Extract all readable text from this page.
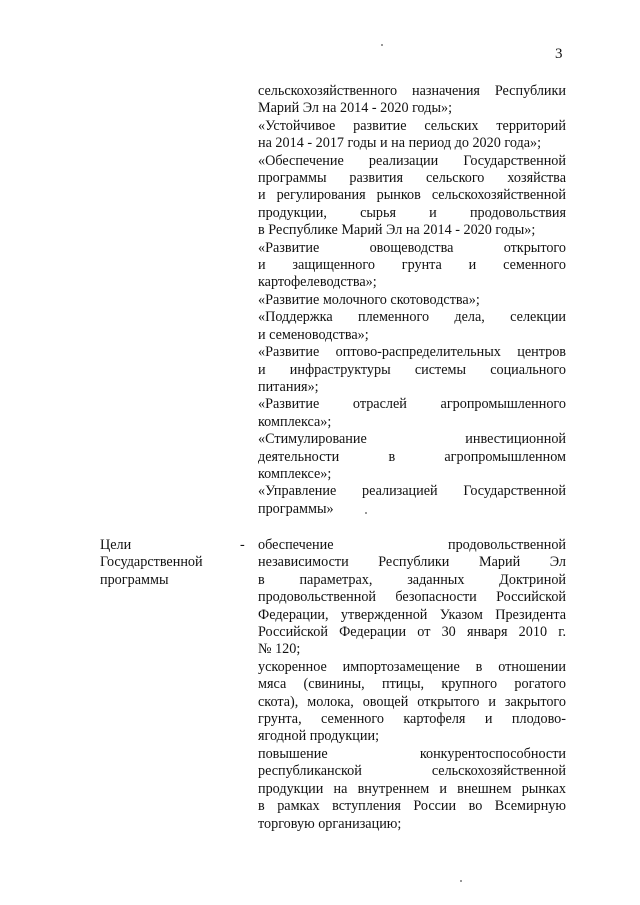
3
сельскохозяйственного назначения Республики
Марий Эл на 2014 - 2020 годы»;
«Устойчивое развитие сельских территорий
на 2014 - 2017 годы и на период до 2020 года»;
«Обеспечение реализации Государственной
программы развития сельского хозяйства
и регулирования рынков сельскохозяйственной
продукции, сырья и продовольствия
в Республике Марий Эл на 2014 - 2020 годы»;
«Развитие овощеводства открытого
и защищенного грунта и семенного
картофелеводства»;
«Развитие молочного скотоводства»;
«Поддержка племенного дела, селекции
и семеноводства»;
«Развитие оптово-распределительных центров
и инфраструктуры системы социального
питания»;
«Развитие отраслей агропромышленного
комплекса»;
«Стимулирование инвестиционной
деятельности в агропромышленном
комплексе»;
«Управление реализацией Государственной
программы»
Цели
Государственной
программы
- обеспечение продовольственной
независимости Республики Марий Эл
в параметрах, заданных Доктриной
продовольственной безопасности Российской
Федерации, утвержденной Указом Президента
Российской Федерации от 30 января 2010 г.
№ 120;
ускоренное импортозамещение в отношении
мяса (свинины, птицы, крупного рогатого
скота), молока, овощей открытого и закрытого
грунта, семенного картофеля и плодово-
ягодной продукции;
повышение конкурентоспособности
республиканской сельскохозяйственной
продукции на внутреннем и внешнем рынках
в рамках вступления России во Всемирную
торговую организацию;
